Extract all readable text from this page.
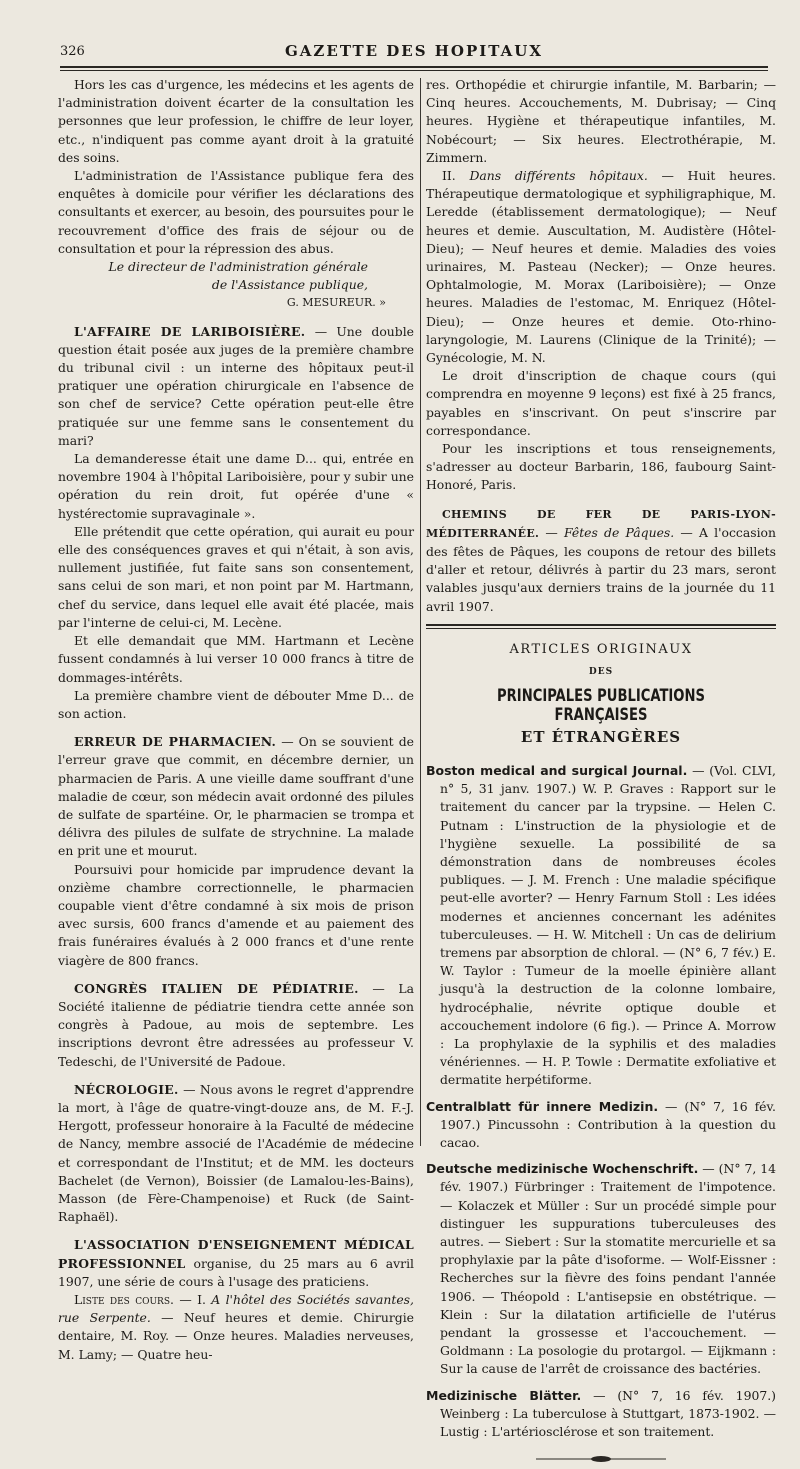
326	GAZETTE DES HOPITAUX

Hors les cas d'urgence, les médecins et les agents de l'administration doivent écarter de la consultation les personnes que leur profession, le chiffre de leur loyer, etc., n'indiquent pas comme ayant droit à la gratuité des soins.

L'administration de l'Assistance publique fera des enquêtes à domicile pour vérifier les déclarations des consultants et exercer, au besoin, des poursuites pour le recouvrement d'office des frais de séjour ou de consultation et pour la répression des abus.

Le directeur de l'administration générale

de l'Assistance publique,

G. MESUREUR. »

L'AFFAIRE DE LARIBOISIÈRE. — Une double question était posée aux juges de la première chambre du tribunal civil : un interne des hôpitaux peut-il pratiquer une opération chirurgicale en l'absence de son chef de service? Cette opération peut-elle être pratiquée sur une femme sans le consentement du mari?

La demanderesse était une dame D... qui, entrée en novembre 1904 à l'hôpital Lariboisière, pour y subir une opération du rein droit, fut opérée d'une « hystérectomie supravaginale ».

Elle prétendit que cette opération, qui aurait eu pour elle des conséquences graves et qui n'était, à son avis, nullement justifiée, fut faite sans son consentement, sans celui de son mari, et non point par M. Hartmann, chef du service, dans lequel elle avait été placée, mais par l'interne de celui-ci, M. Lecène.

Et elle demandait que MM. Hartmann et Lecène fussent condamnés à lui verser 10 000 francs à titre de dommages-intérêts.

La première chambre vient de débouter Mme D... de son action.

ERREUR DE PHARMACIEN. — On se souvient de l'erreur grave que commit, en décembre dernier, un pharmacien de Paris. A une vieille dame souffrant d'une maladie de cœur, son médecin avait ordonné des pilules de sulfate de spartéine. Or, le pharmacien se trompa et délivra des pilules de sulfate de strychnine. La malade en prit une et mourut.

Poursuivi pour homicide par imprudence devant la onzième chambre correctionnelle, le pharmacien coupable vient d'être condamné à six mois de prison avec sursis, 600 francs d'amende et au paiement des frais funéraires évalués à 2 000 francs et d'une rente viagère de 800 francs.

CONGRÈS ITALIEN DE PÉDIATRIE. — La Société italienne de pédiatrie tiendra cette année son congrès à Padoue, au mois de septembre. Les inscriptions devront être adressées au professeur V. Tedeschi, de l'Université de Padoue.

NÉCROLOGIE. — Nous avons le regret d'apprendre la mort, à l'âge de quatre-vingt-douze ans, de M. F.-J. Hergott, professeur honoraire à la Faculté de médecine de Nancy, membre associé de l'Académie de médecine et correspondant de l'Institut; et de MM. les docteurs Bachelet (de Vernon), Boissier (de Lamalou-les-Bains), Masson (de Fère-Champenoise) et Ruck (de Saint-Raphaël).

L'ASSOCIATION D'ENSEIGNEMENT MÉDICAL PROFESSIONNEL organise, du 25 mars au 6 avril 1907, une série de cours à l'usage des praticiens.

Liste des cours. — I. A l'hôtel des Sociétés savantes, rue Serpente. — Neuf heures et demie. Chirurgie dentaire, M. Roy. — Onze heures. Maladies nerveuses, M. Lamy; — Quatre heu-

res. Orthopédie et chirurgie infantile, M. Barbarin; — Cinq heures. Accouchements, M. Dubrisay; — Cinq heures. Hygiène et thérapeutique infantiles, M. Nobécourt; — Six heures. Electrothérapie, M. Zimmern.

II. Dans différents hôpitaux. — Huit heures. Thérapeutique dermatologique et syphiligraphique, M. Leredde (établissement dermatologique); — Neuf heures et demie. Auscultation, M. Audistère (Hôtel-Dieu); — Neuf heures et demie. Maladies des voies urinaires, M. Pasteau (Necker); — Onze heures. Ophtalmologie, M. Morax (Lariboisière); — Onze heures. Maladies de l'estomac, M. Enriquez (Hôtel-Dieu); — Onze heures et demie. Oto-rhino-laryngologie, M. Laurens (Clinique de la Trinité); — Gynécologie, M. N.

Le droit d'inscription de chaque cours (qui comprendra en moyenne 9 leçons) est fixé à 25 francs, payables en s'inscrivant. On peut s'inscrire par correspondance.

Pour les inscriptions et tous renseignements, s'adresser au docteur Barbarin, 186, faubourg Saint-Honoré, Paris.

CHEMINS DE FER DE PARIS-LYON-MÉDITERRANÉE. — Fêtes de Pâques. — A l'occasion des fêtes de Pâques, les coupons de retour des billets d'aller et retour, délivrés à partir du 23 mars, seront valables jusqu'aux derniers trains de la journée du 11 avril 1907.

ARTICLES ORIGINAUX
DES
PRINCIPALES PUBLICATIONS FRANÇAISES
ET ÉTRANGÈRES

Boston medical and surgical Journal. — (Vol. CLVI, n° 5, 31 janv. 1907.) W. P. Graves : Rapport sur le traitement du cancer par la trypsine. — Helen C. Putnam : L'instruction de la physiologie et de l'hygiène sexuelle. La possibilité de sa démonstration dans de nombreuses écoles publiques. — J. M. French : Une maladie spécifique peut-elle avorter? — Henry Farnum Stoll : Les idées modernes et anciennes concernant les adénites tuberculeuses. — H. W. Mitchell : Un cas de delirium tremens par absorption de chloral. — (N° 6, 7 fév.) E. W. Taylor : Tumeur de la moelle épinière allant jusqu'à la destruction de la colonne lombaire, hydrocéphalie, névrite optique double et accouchement indolore (6 fig.). — Prince A. Morrow : La prophylaxie de la syphilis et des maladies vénériennes. — H. P. Towle : Dermatite exfoliative et dermatite herpétiforme.

Centralblatt für innere Medizin. — (N° 7, 16 fév. 1907.) Pincussohn : Contribution à la question du cacao.

Deutsche medizinische Wochenschrift. — (N° 7, 14 fév. 1907.) Fürbringer : Traitement de l'impotence. — Kolaczek et Müller : Sur un procédé simple pour distinguer les suppurations tuberculeuses des autres. — Siebert : Sur la stomatite mercurielle et sa prophylaxie par la pâte d'isoforme. — Wolf-Eissner : Recherches sur la fièvre des foins pendant l'année 1906. — Théopold : L'antisepsie en obstétrique. — Klein : Sur la dilatation artificielle de l'utérus pendant la grossesse et l'accouchement. — Goldmann : La posologie du protargol. — Eijkmann : Sur la cause de l'arrêt de croissance des bactéries.

Medizinische Blätter. — (N° 7, 16 fév. 1907.) Weinberg : La tuberculose à Stuttgart, 1873-1902. — Lustig : L'artériosclérose et son traitement.
